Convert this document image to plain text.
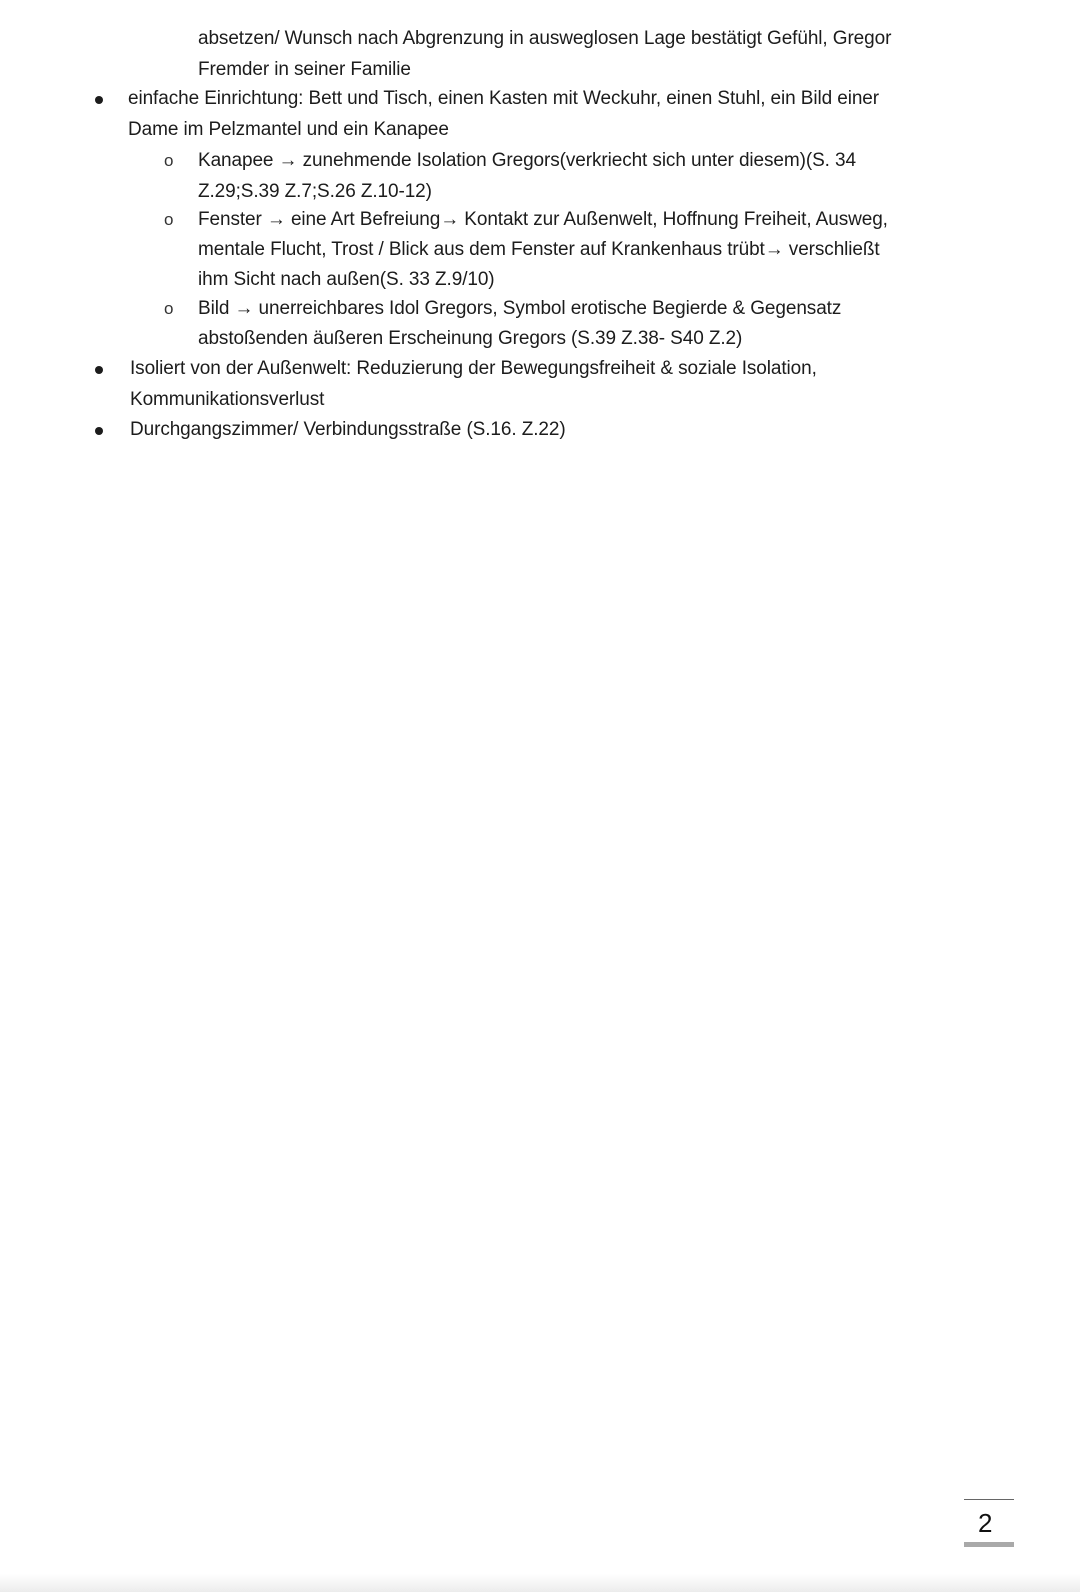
absetzen/ Wunsch nach Abgrenzung in ausweglosen Lage bestätigt Gefühl, Gregor
Fremder in seiner Familie
einfache Einrichtung: Bett und Tisch, einen Kasten mit Weckuhr, einen Stuhl, ein Bild einer
Dame im Pelzmantel und ein Kanapee
o Kanapee → zunehmende Isolation Gregors(verkriecht sich unter diesem)(S. 34
Z.29;S.39 Z.7;S.26 Z.10-12)
o Fenster → eine Art Befreiung→ Kontakt zur Außenwelt, Hoffnung Freiheit, Ausweg,
mentale Flucht, Trost / Blick aus dem Fenster auf Krankenhaus trübt→ verschließt
ihm Sicht nach außen(S. 33 Z.9/10)
o Bild → unerreichbares Idol Gregors, Symbol erotische Begierde & Gegensatz
abstoßenden äußeren Erscheinung Gregors (S.39 Z.38- S40 Z.2)
Isoliert von der Außenwelt: Reduzierung der Bewegungsfreiheit & soziale Isolation,
Kommunikationsverlust
Durchgangszimmer/ Verbindungsstraße (S.16. Z.22)
2
